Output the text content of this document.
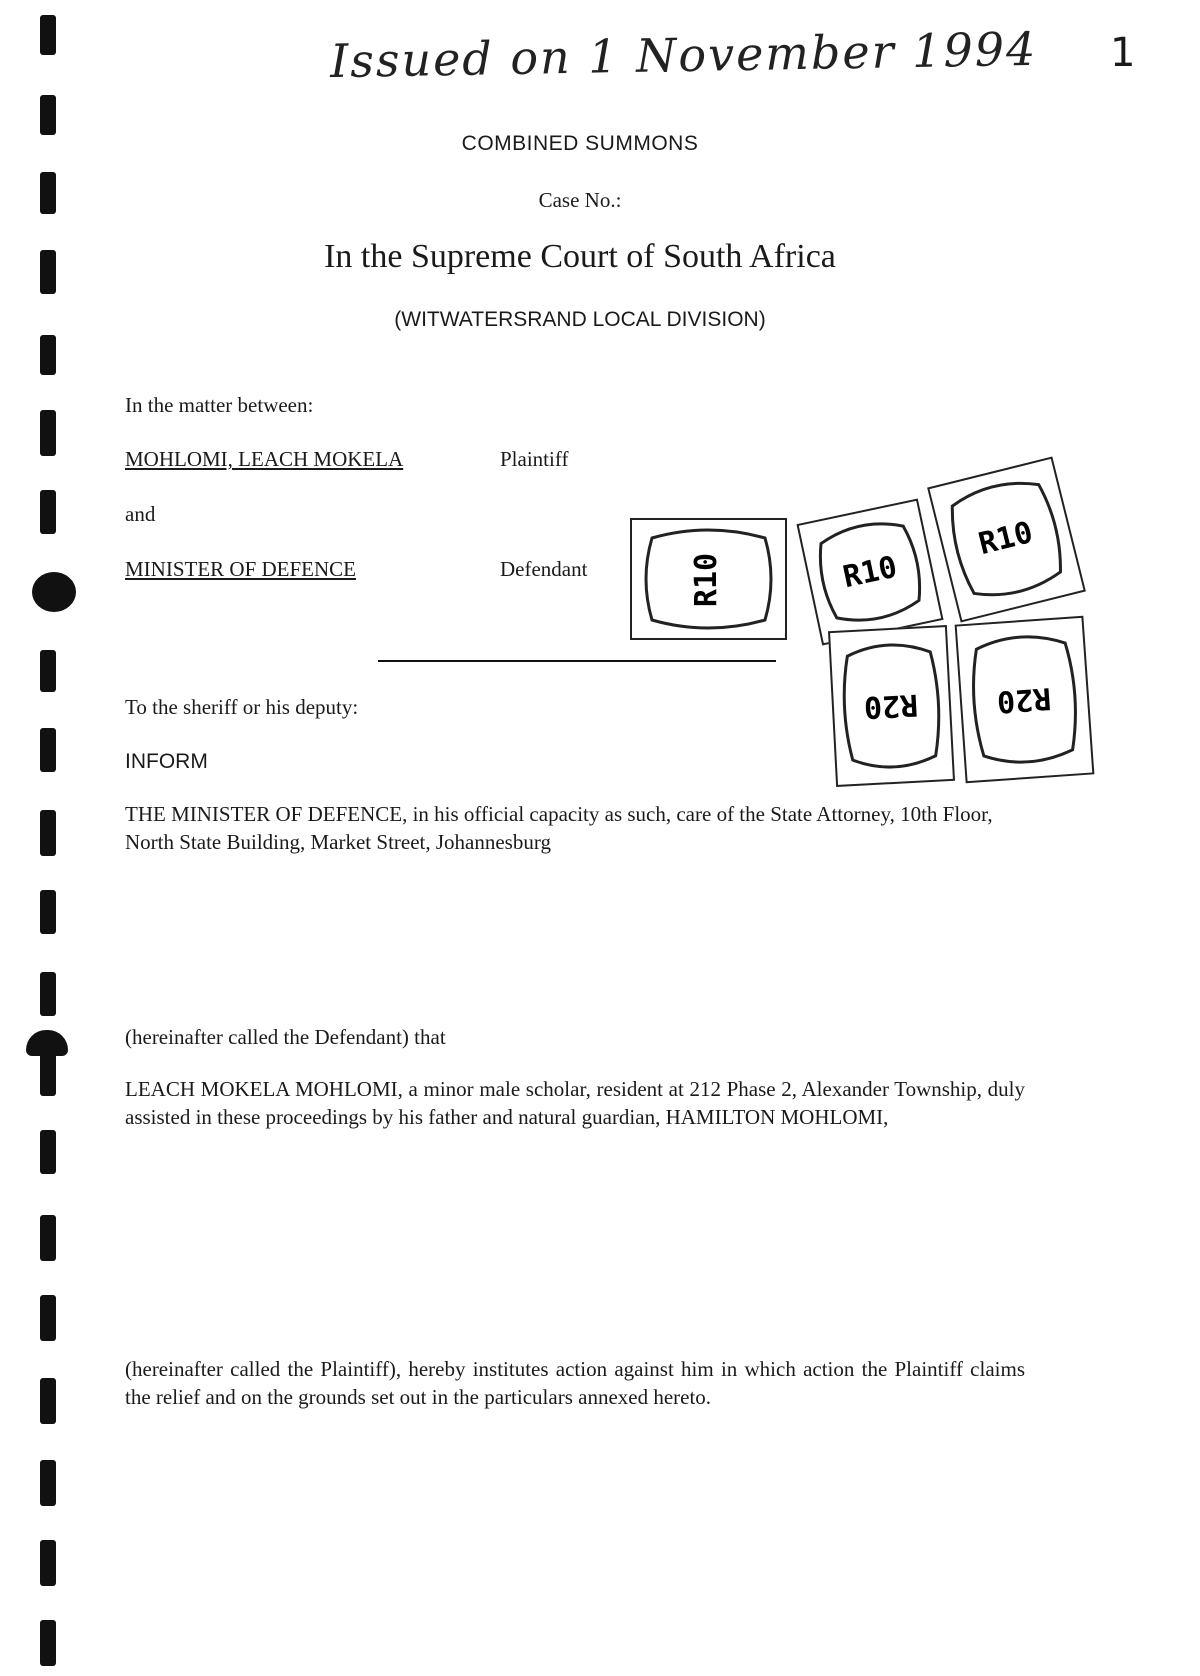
Issued on 1 November 1994 1
COMBINED SUMMONS
Case No.:
In the Supreme Court of South Africa
(WITWATERSRAND LOCAL DIVISION)
In the matter between:
MOHLOMI, LEACH MOKELA	Plaintiff
and
MINISTER OF DEFENCE	Defendant	R10	R10
R10
R20	R20
To the sheriff or his deputy:
INFORM
THE MINISTER OF DEFENCE, in his official capacity as such, care of the State Attorney, 10th Floor, North State Building, Market Street, Johannesburg
(hereinafter called the Defendant) that
LEACH MOKELA MOHLOMI, a minor male scholar, resident at 212 Phase 2, Alexander Township, duly assisted in these proceedings by his father and natural guardian, HAMILTON MOHLOMI,
(hereinafter called the Plaintiff), hereby institutes action against him in which action the Plaintiff claims the relief and on the grounds set out in the particulars annexed hereto.
